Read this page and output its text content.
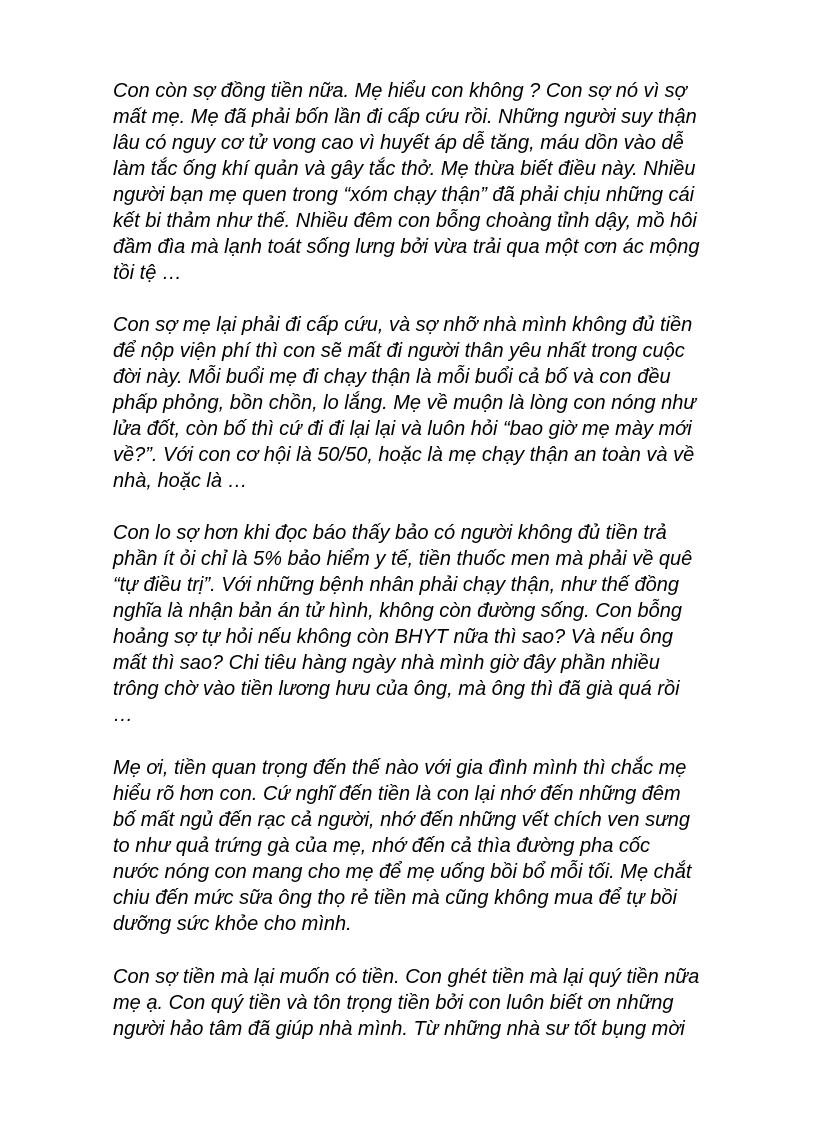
Con còn sợ đồng tiền nữa. Mẹ hiểu con không ? Con sợ nó vì sợ
mất mẹ. Mẹ đã phải bốn lần đi cấp cứu rồi. Những người suy thận
lâu có nguy cơ tử vong cao vì huyết áp dễ tăng, máu dồn vào dễ
làm tắc ống khí quản và gây tắc thở. Mẹ thừa biết điều này. Nhiều
người bạn mẹ quen trong “xóm chạy thận” đã phải chịu những cái
kết bi thảm như thế. Nhiều đêm con bỗng choàng tỉnh dậy, mồ hôi
đầm đìa mà lạnh toát sống lưng bởi vừa trải qua một cơn ác mộng
tồi tệ …

Con sợ mẹ lại phải đi cấp cứu, và sợ nhỡ nhà mình không đủ tiền
để nộp viện phí thì con sẽ mất đi người thân yêu nhất trong cuộc
đời này. Mỗi buổi mẹ đi chạy thận là mỗi buổi cả bố và con đều
phấp phỏng, bồn chồn, lo lắng. Mẹ về muộn là lòng con nóng như
lửa đốt, còn bố thì cứ đi đi lại lại và luôn hỏi “bao giờ mẹ mày mới
về?”. Với con cơ hội là 50/50, hoặc là mẹ chạy thận an toàn và về
nhà, hoặc là …

Con lo sợ hơn khi đọc báo thấy bảo có người không đủ tiền trả
phần ít ỏi chỉ là 5% bảo hiểm y tế, tiền thuốc men mà phải về quê
“tự điều trị”. Với những bệnh nhân phải chạy thận, như thế đồng
nghĩa là nhận bản án tử hình, không còn đường sống. Con bỗng
hoảng sợ tự hỏi nếu không còn BHYT nữa thì sao? Và nếu ông
mất thì sao? Chi tiêu hàng ngày nhà mình giờ đây phần nhiều
trông chờ vào tiền lương hưu của ông, mà ông thì đã già quá rồi
…

Mẹ ơi, tiền quan trọng đến thế nào với gia đình mình thì chắc mẹ
hiểu rõ hơn con. Cứ nghĩ đến tiền là con lại nhớ đến những đêm
bố mất ngủ đến rạc cả người, nhớ đến những vết chích ven sưng
to như quả trứng gà của mẹ, nhớ đến cả thìa đường pha cốc
nước nóng con mang cho mẹ để mẹ uống bồi bổ mỗi tối. Mẹ chắt
chiu đến mức sữa ông thọ rẻ tiền mà cũng không mua để tự bồi
dưỡng sức khỏe cho mình.

Con sợ tiền mà lại muốn có tiền. Con ghét tiền mà lại quý tiền nữa
mẹ ạ. Con quý tiền và tôn trọng tiền bởi con luôn biết ơn những
người hảo tâm đã giúp nhà mình. Từ những nhà sư tốt bụng mời
